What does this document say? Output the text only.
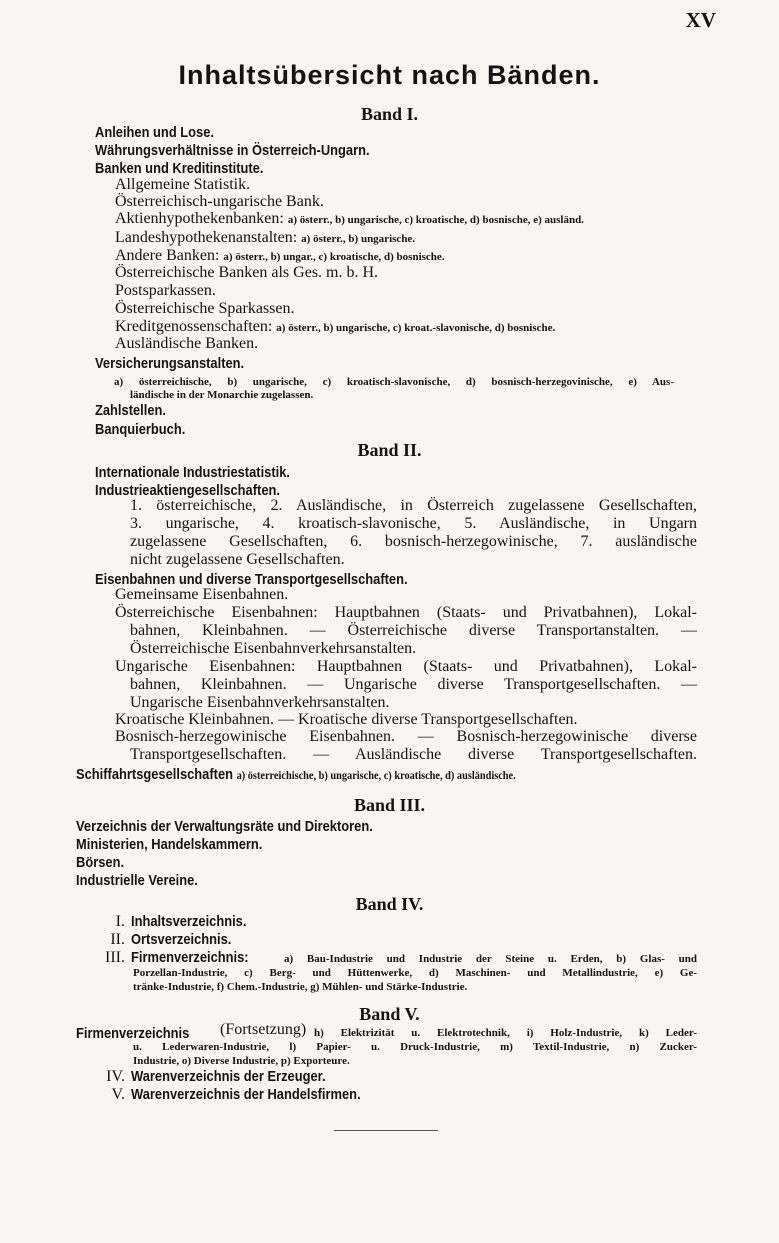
XV
Inhaltsübersicht nach Bänden.
Band I.
Anleihen und Lose.
Währungsverhältnisse in Österreich-Ungarn.
Banken und Kreditinstitute.
Allgemeine Statistik.
Österreichisch-ungarische Bank.
Aktienhypothekenbanken: a) österr., b) ungarische, c) kroatische, d) bosnische, e) ausländ.
Landeshypothekenanstalten: a) österr., b) ungarische.
Andere Banken: a) österr., b) ungar., c) kroatische, d) bosnische.
Österreichische Banken als Ges. m. b. H.
Postsparkassen.
Österreichische Sparkassen.
Kreditgenossenschaften: a) österr., b) ungarische, c) kroat.-slavonische, d) bosnische.
Ausländische Banken.
Versicherungsanstalten.
a) österreichische, b) ungarische, c) kroatisch-slavonische, d) bosnisch-herzegovinische, e) Aus-
ländische in der Monarchie zugelassen.
Zahlstellen.
Banquierbuch.
Band II.
Internationale Industriestatistik.
Industrieaktiengesellschaften.
1. österreichische, 2. Ausländische, in Österreich zugelassene Gesellschaften,
3. ungarische, 4. kroatisch-slavonische, 5. Ausländische, in Ungarn
zugelassene Gesellschaften, 6. bosnisch-herzegowinische, 7. ausländische
nicht zugelassene Gesellschaften.
Eisenbahnen und diverse Transportgesellschaften.
Gemeinsame Eisenbahnen.
Österreichische Eisenbahnen: Hauptbahnen (Staats- und Privatbahnen), Lokal-
bahnen, Kleinbahnen. — Österreichische diverse Transportanstalten. —
Österreichische Eisenbahnverkehrsanstalten.
Ungarische Eisenbahnen: Hauptbahnen (Staats- und Privatbahnen), Lokal-
bahnen, Kleinbahnen. — Ungarische diverse Transportgesellschaften. —
Ungarische Eisenbahnverkehrsanstalten.
Kroatische Kleinbahnen. — Kroatische diverse Transportgesellschaften.
Bosnisch-herzegowinische Eisenbahnen. — Bosnisch-herzegowinische diverse
Transportgesellschaften. — Ausländische diverse Transportgesellschaften.
Schiffahrtsgesellschaften a) österreichische, b) ungarische, c) kroatische, d) ausländische.
Band III.
Verzeichnis der Verwaltungsräte und Direktoren.
Ministerien, Handelskammern.
Börsen.
Industrielle Vereine.
Band IV.
I. Inhaltsverzeichnis.
II. Ortsverzeichnis.
III. Firmenverzeichnis:	a) Bau-Industrie und Industrie der Steine u. Erden, b) Glas- und
Porzellan-Industrie, c) Berg- und Hüttenwerke, d) Maschinen- und Metallindustrie, e) Ge-
tränke-Industrie, f) Chem.-Industrie, g) Mühlen- und Stärke-Industrie.
Band V.
Firmenverzeichnis	(Fortsetzung) h) Elektrizität u. Elektrotechnik, i) Holz-Industrie, k) Leder-
u. Lederwaren-Industrie, l) Papier- u. Druck-Industrie, m) Textil-Industrie, n) Zucker-
Industrie, o) Diverse Industrie, p) Exporteure.
IV. Warenverzeichnis der Erzeuger.
V. Warenverzeichnis der Handelsfirmen.
